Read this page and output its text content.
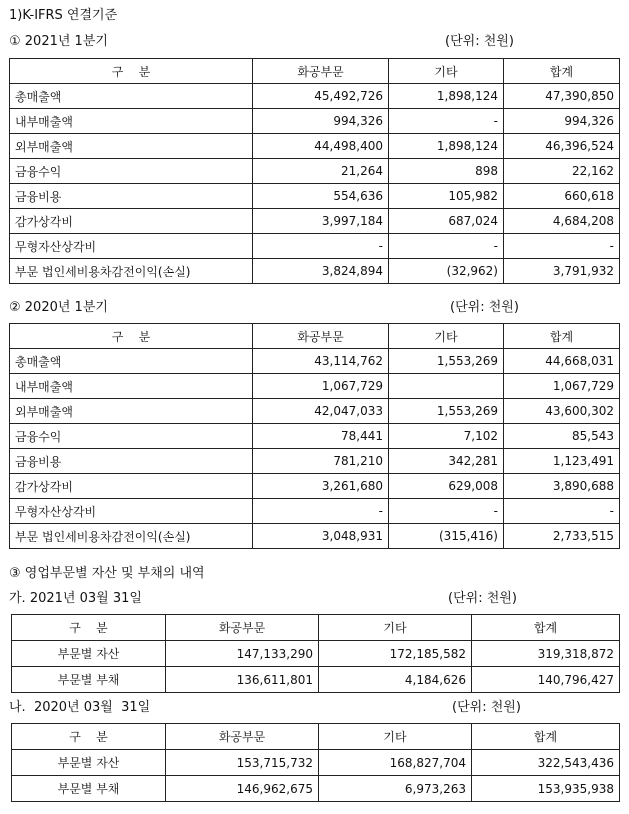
1)K-IFRS 연결기준
① 2021년 1분기	(단위: 천원)
구    분	화공부문	기타	합계
총매출액	45,492,726	1,898,124	47,390,850
내부매출액	994,326	-	994,326
외부매출액	44,498,400	1,898,124	46,396,524
금융수익	21,264	898	22,162
금융비용	554,636	105,982	660,618
감가상각비	3,997,184	687,024	4,684,208
무형자산상각비	-	-	-
부문 법인세비용차감전이익(손실)	3,824,894	(32,962)	3,791,932
② 2020년 1분기	(단위: 천원)
구    분	화공부문	기타	합계
총매출액	43,114,762	1,553,269	44,668,031
내부매출액	1,067,729		1,067,729
외부매출액	42,047,033	1,553,269	43,600,302
금융수익	78,441	7,102	85,543
금융비용	781,210	342,281	1,123,491
감가상각비	3,261,680	629,008	3,890,688
무형자산상각비	-	-	-
부문 법인세비용차감전이익(손실)	3,048,931	(315,416)	2,733,515
③ 영업부문별 자산 및 부채의 내역
가. 2021년 03월 31일	(단위: 천원)
구    분	화공부문	기타	합계
부문별 자산	147,133,290	172,185,582	319,318,872
부문별 부채	136,611,801	4,184,626	140,796,427
나.  2020년 03월  31일	(단위: 천원)
구    분	화공부문	기타	합계
부문별 자산	153,715,732	168,827,704	322,543,436
부문별 부채	146,962,675	6,973,263	153,935,938
